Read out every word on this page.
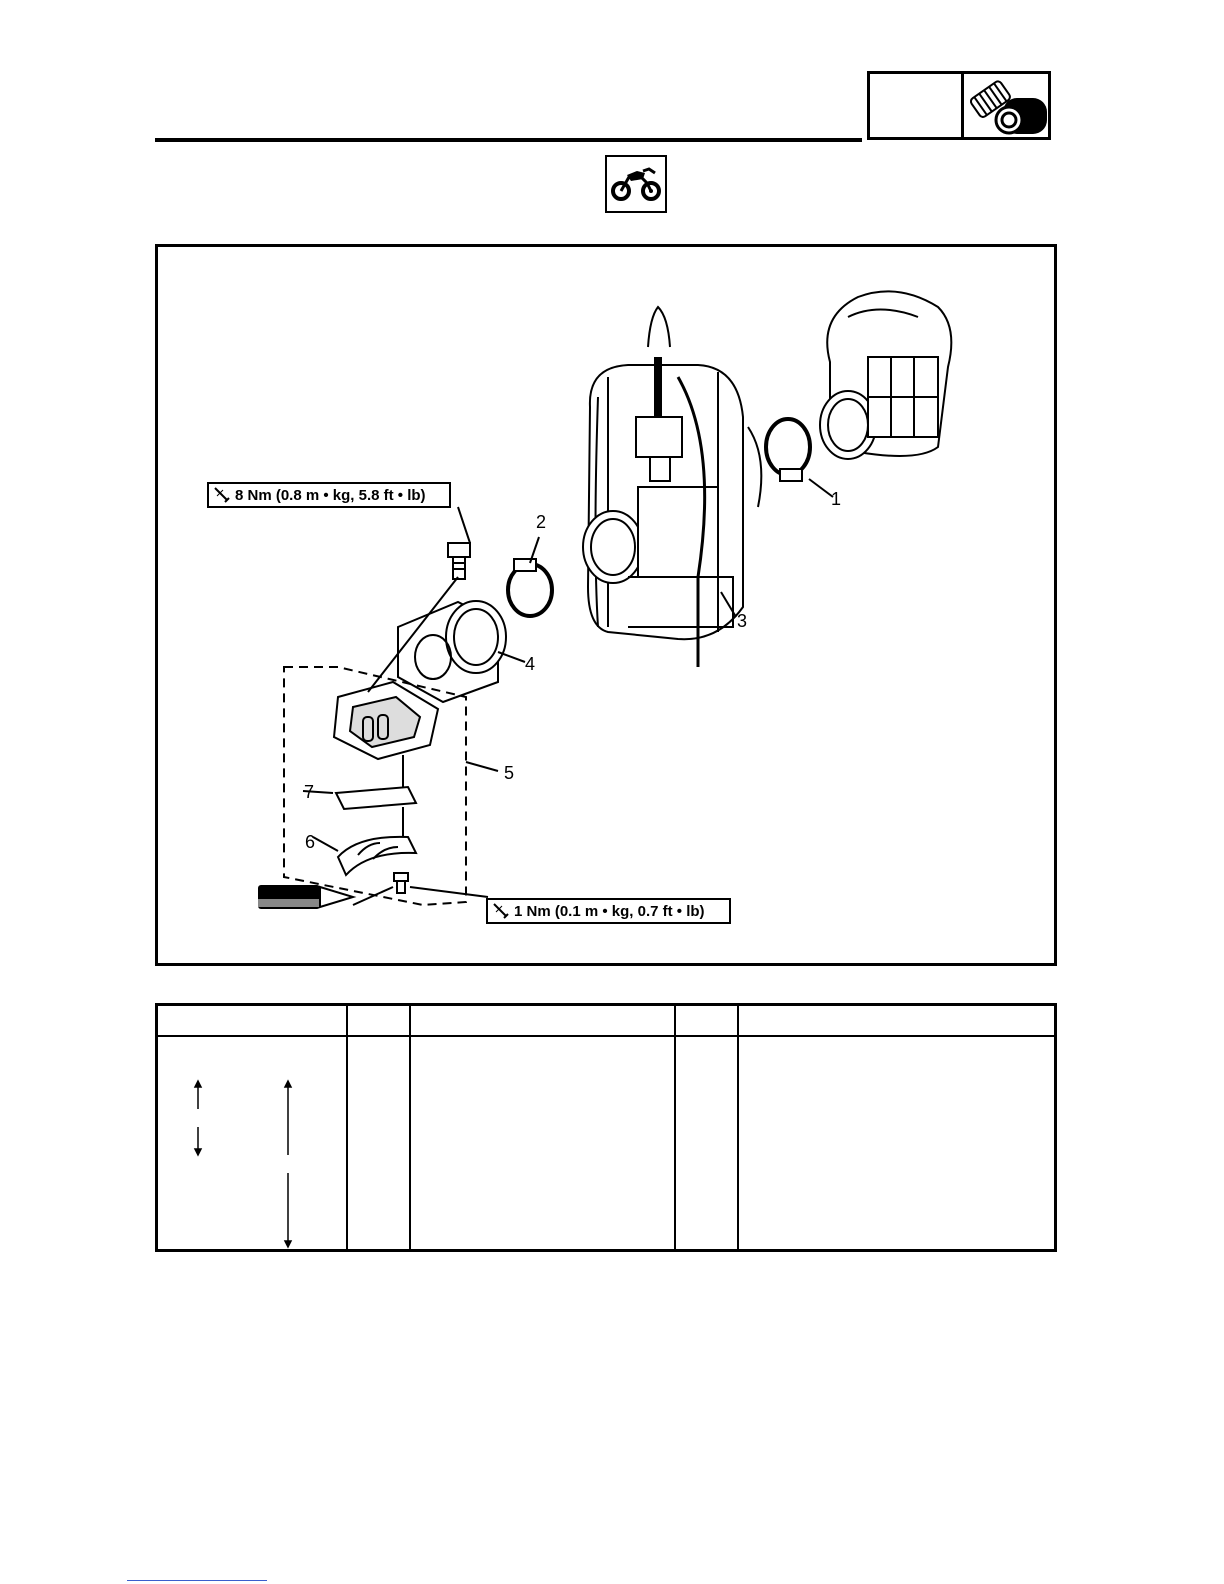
8 Nm (0.8 m • kg, 5.8 ft • lb)
1 Nm (0.1 m • kg, 0.7 ft • lb)
1
2
3
4
5
6
7
